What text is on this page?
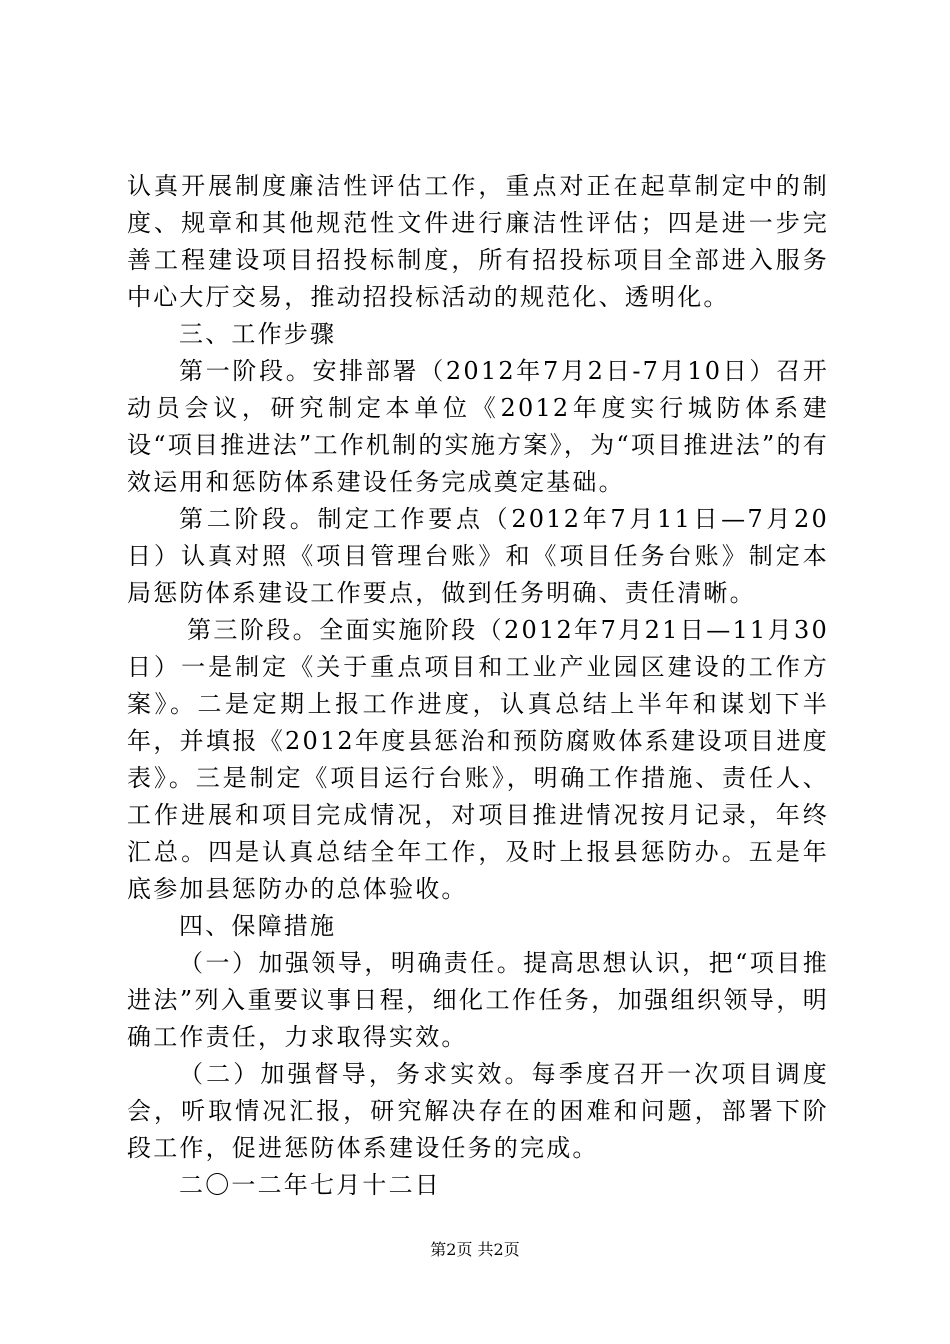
认真开展制度廉洁性评估工作，重点对正在起草制定中的制度、规章和其他规范性文件进行廉洁性评估；四是进一步完善工程建设项目招投标制度，所有招投标项目全部进入服务中心大厅交易，推动招投标活动的规范化、透明化。

三、工作步骤

第一阶段。安排部署（2012年7月2日-7月10日）召开动员会议，研究制定本单位《2012年度实行城防体系建设“项目推进法”工作机制的实施方案》，为“项目推进法”的有效运用和惩防体系建设任务完成奠定基础。

第二阶段。制定工作要点（2012年7月11日—7月20日）认真对照《项目管理台账》和《项目任务台账》制定本局惩防体系建设工作要点，做到任务明确、责任清晰。

第三阶段。全面实施阶段（2012年7月21日—11月30日）一是制定《关于重点项目和工业产业园区建设的工作方案》。二是定期上报工作进度，认真总结上半年和谋划下半年，并填报《2012年度县惩治和预防腐败体系建设项目进度表》。三是制定《项目运行台账》，明确工作措施、责任人、工作进展和项目完成情况，对项目推进情况按月记录，年终汇总。四是认真总结全年工作，及时上报县惩防办。五是年底参加县惩防办的总体验收。

四、保障措施

（一）加强领导，明确责任。提高思想认识，把“项目推进法”列入重要议事日程，细化工作任务，加强组织领导，明确工作责任，力求取得实效。

（二）加强督导，务求实效。每季度召开一次项目调度会，听取情况汇报，研究解决存在的困难和问题，部署下阶段工作，促进惩防体系建设任务的完成。

二〇一二年七月十二日

第2页 共2页
